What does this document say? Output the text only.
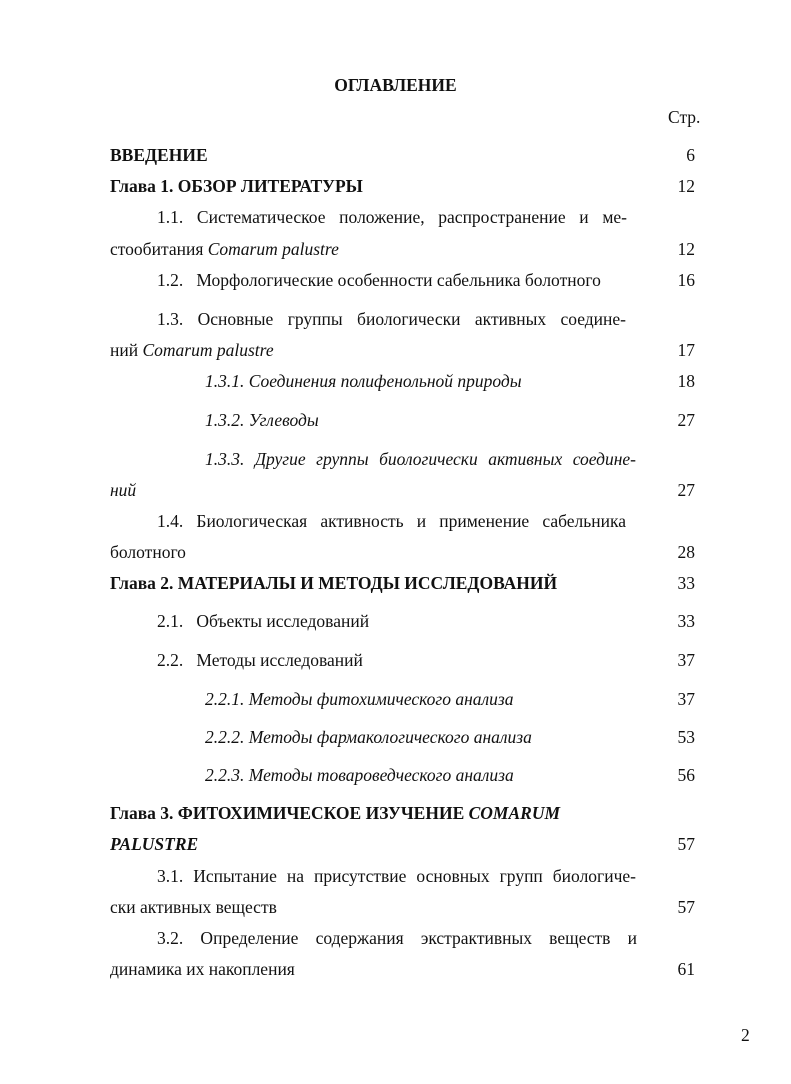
ОГЛАВЛЕНИЕ
Стр.
ВВЕДЕНИЕ	6
Глава 1. ОБЗОР ЛИТЕРАТУРЫ	12
1.1. Систематическое положение, распространение и ме-
стообитания Comarum palustre	12
1.2.   Морфологические особенности сабельника болотного	16
1.3. Основные группы биологически активных соедине-
ний Comarum palustre	17
1.3.1. Соединения полифенольной природы	18
1.3.2. Углеводы	27
1.3.3. Другие группы биологически активных соедине-
ний	27
1.4. Биологическая активность и применение сабельника
болотного	28
Глава 2. МАТЕРИАЛЫ И МЕТОДЫ ИССЛЕДОВАНИЙ	33
2.1.   Объекты исследований	33
2.2.   Методы исследований	37
2.2.1. Методы фитохимического анализа	37
2.2.2. Методы фармакологического анализа	53
2.2.3. Методы товароведческого анализа	56
Глава 3. ФИТОХИМИЧЕСКОЕ ИЗУЧЕНИЕ COMARUM
PALUSTRE	57
3.1. Испытание на присутствие основных групп биологиче-
ски активных веществ	57
3.2. Определение содержания экстрактивных веществ и
динамика их накопления	61
2
